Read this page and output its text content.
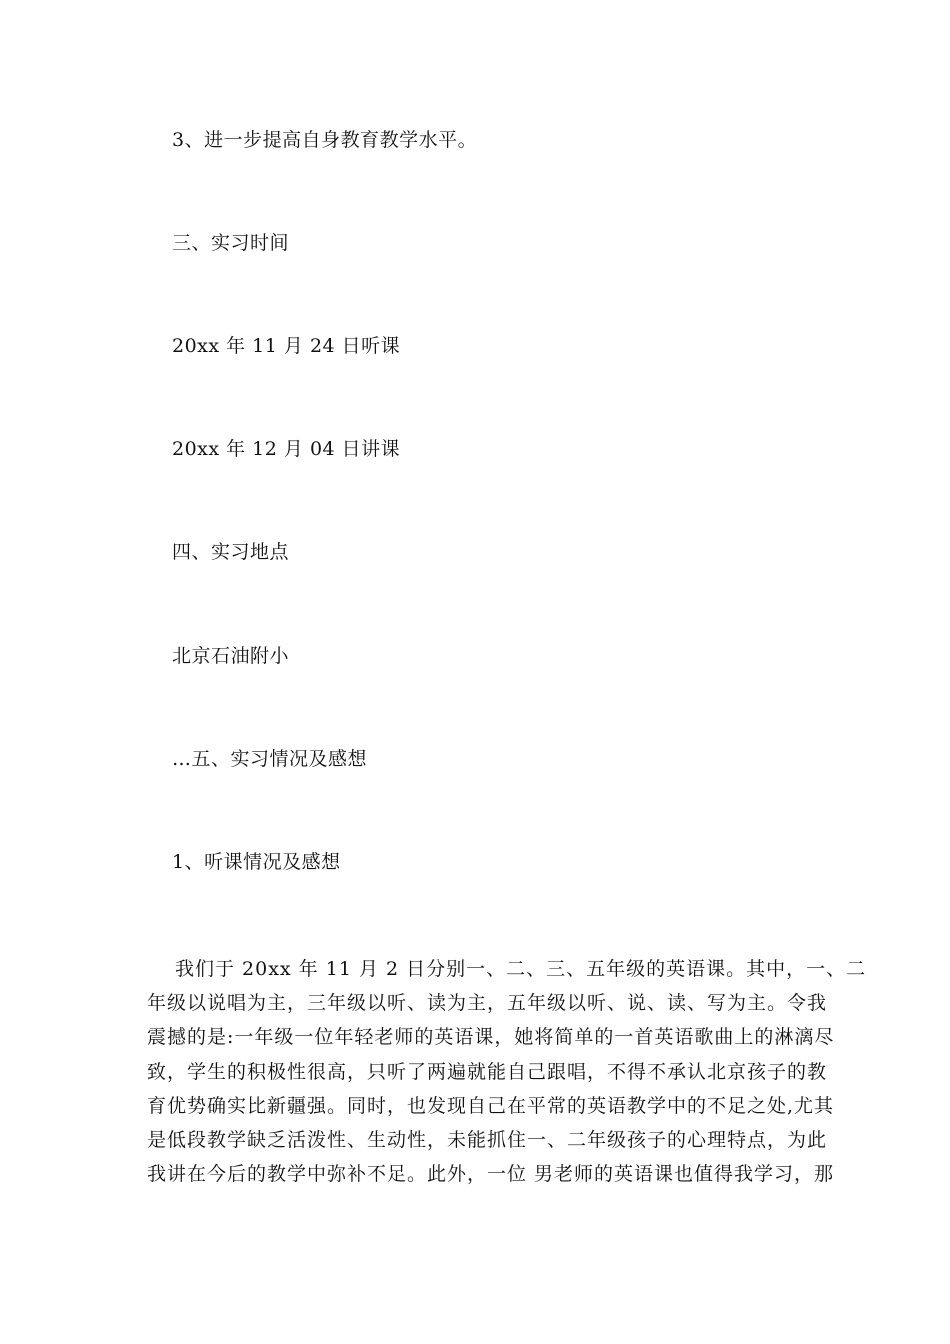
3、进一步提高自身教育教学水平。
三、实习时间
20xx 年 11 月 24 日听课
20xx 年 12 月 04 日讲课
四、实习地点
北京石油附小
…五、实习情况及感想
1、听课情况及感想
我们于 20xx 年 11 月 2 日分别一、二、三、五年级的英语课。其中，一、二
年级以说唱为主，三年级以听、读为主，五年级以听、说、读、写为主。令我
震撼的是:一年级一位年轻老师的英语课，她将简单的一首英语歌曲上的淋漓尽
致，学生的积极性很高，只听了两遍就能自己跟唱，不得不承认北京孩子的教
育优势确实比新疆强。同时，也发现自己在平常的英语教学中的不足之处,尤其
是低段教学缺乏活泼性、生动性，未能抓住一、二年级孩子的心理特点，为此
我讲在今后的教学中弥补不足。此外，一位 男老师的英语课也值得我学习，那
